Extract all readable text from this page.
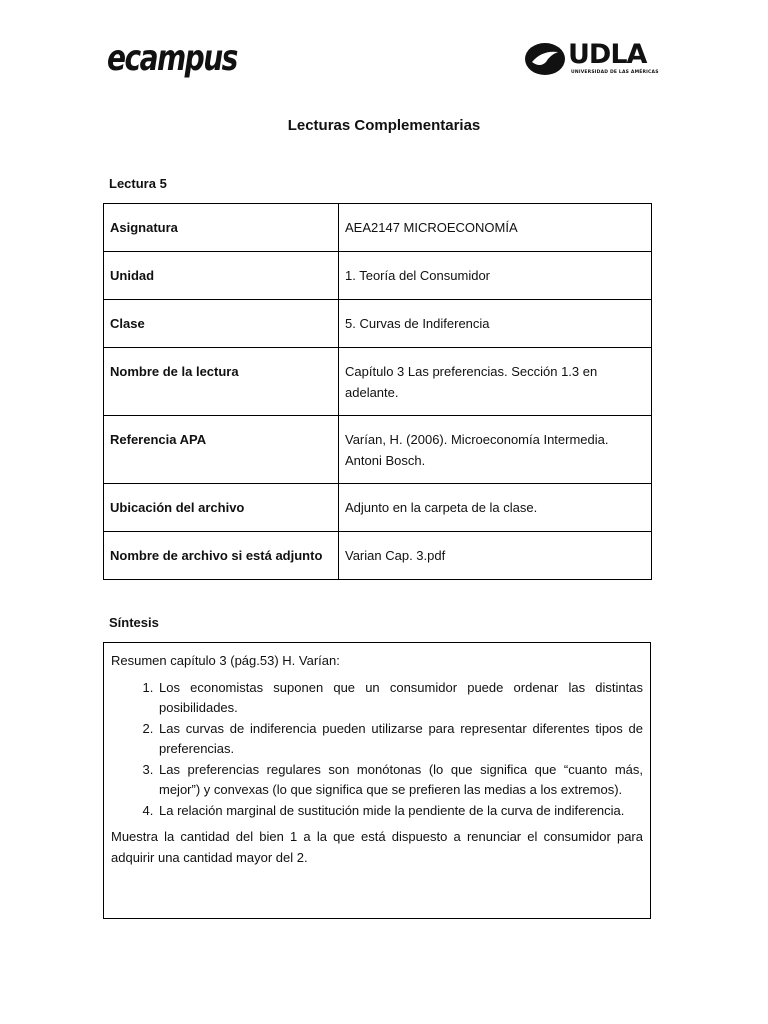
ecampus	UDLA
UNIVERSIDAD DE LAS AMÉRICAS
Lecturas Complementarias
Lectura 5
Asignatura	AEA2147 MICROECONOMÍA
Unidad	1. Teoría del Consumidor
Clase	5. Curvas de Indiferencia
Nombre de la lectura	Capítulo 3 Las preferencias. Sección 1.3 en adelante.
Referencia APA	Varían, H. (2006). Microeconomía Intermedia. Antoni Bosch.
Ubicación del archivo	Adjunto en la carpeta de la clase.
Nombre de archivo si está adjunto	Varian Cap. 3.pdf
Síntesis

Resumen capítulo 3 (pág.53) H. Varían:

1. Los economistas suponen que un consumidor puede ordenar las distintas posibilidades.
2. Las curvas de indiferencia pueden utilizarse para representar diferentes tipos de preferencias.
3. Las preferencias regulares son monótonas (lo que significa que “cuanto más, mejor”) y convexas (lo que significa que se prefieren las medias a los extremos).
4. La relación marginal de sustitución mide la pendiente de la curva de indiferencia.

Muestra la cantidad del bien 1 a la que está dispuesto a renunciar el consumidor para adquirir una cantidad mayor del 2.
